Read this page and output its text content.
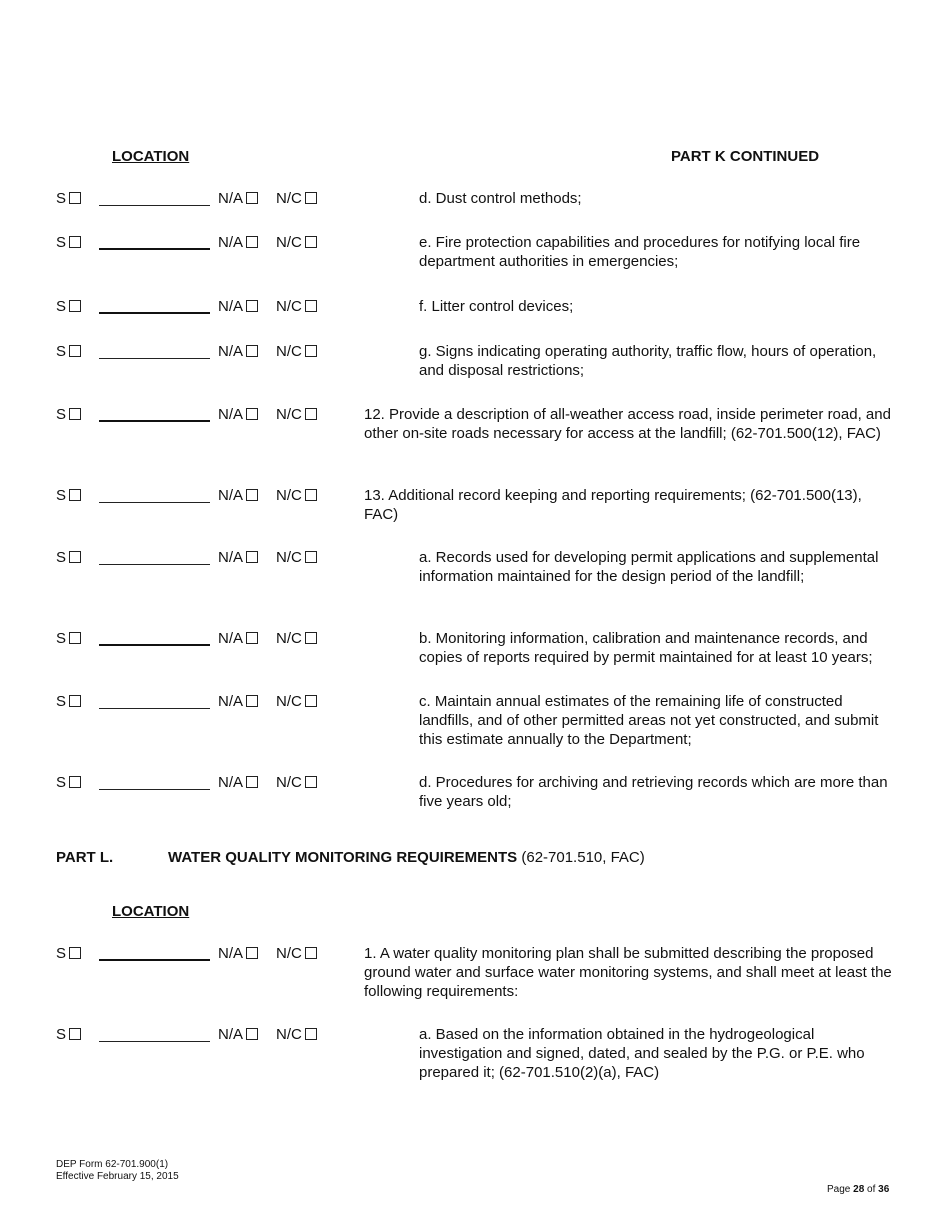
LOCATION	PART K CONTINUED
S	N/A	N/C	d. Dust control methods;
S	N/A	N/C	e. Fire protection capabilities and procedures for notifying local fire department authorities in emergencies;
S	N/A	N/C	f. Litter control devices;
S	N/A	N/C	g. Signs indicating operating authority, traffic flow, hours of operation, and disposal restrictions;
S	N/A	N/C	12. Provide a description of all-weather access road, inside perimeter road, and other on-site roads necessary for access at the landfill; (62-701.500(12), FAC)
S	N/A	N/C	13. Additional record keeping and reporting requirements; (62-701.500(13), FAC)
S	N/A	N/C	a. Records used for developing permit applications and supplemental information maintained for the design period of the landfill;
S	N/A	N/C	b. Monitoring information, calibration and maintenance records, and copies of reports required by permit maintained for at least 10 years;
S	N/A	N/C	c. Maintain annual estimates of the remaining life of constructed landfills, and of other permitted areas not yet constructed, and submit this estimate annually to the Department;
S	N/A	N/C	d. Procedures for archiving and retrieving records which are more than five years old;
PART L.	WATER QUALITY MONITORING REQUIREMENTS (62-701.510, FAC)
LOCATION
S	N/A	N/C	1. A water quality monitoring plan shall be submitted describing the proposed ground water and surface water monitoring systems, and shall meet at least the following requirements:
S	N/A	N/C	a. Based on the information obtained in the hydrogeological investigation and signed, dated, and sealed by the P.G. or P.E. who prepared it; (62-701.510(2)(a), FAC)
DEP Form 62-701.900(1)
Effective February 15, 2015
Page 28 of 36
